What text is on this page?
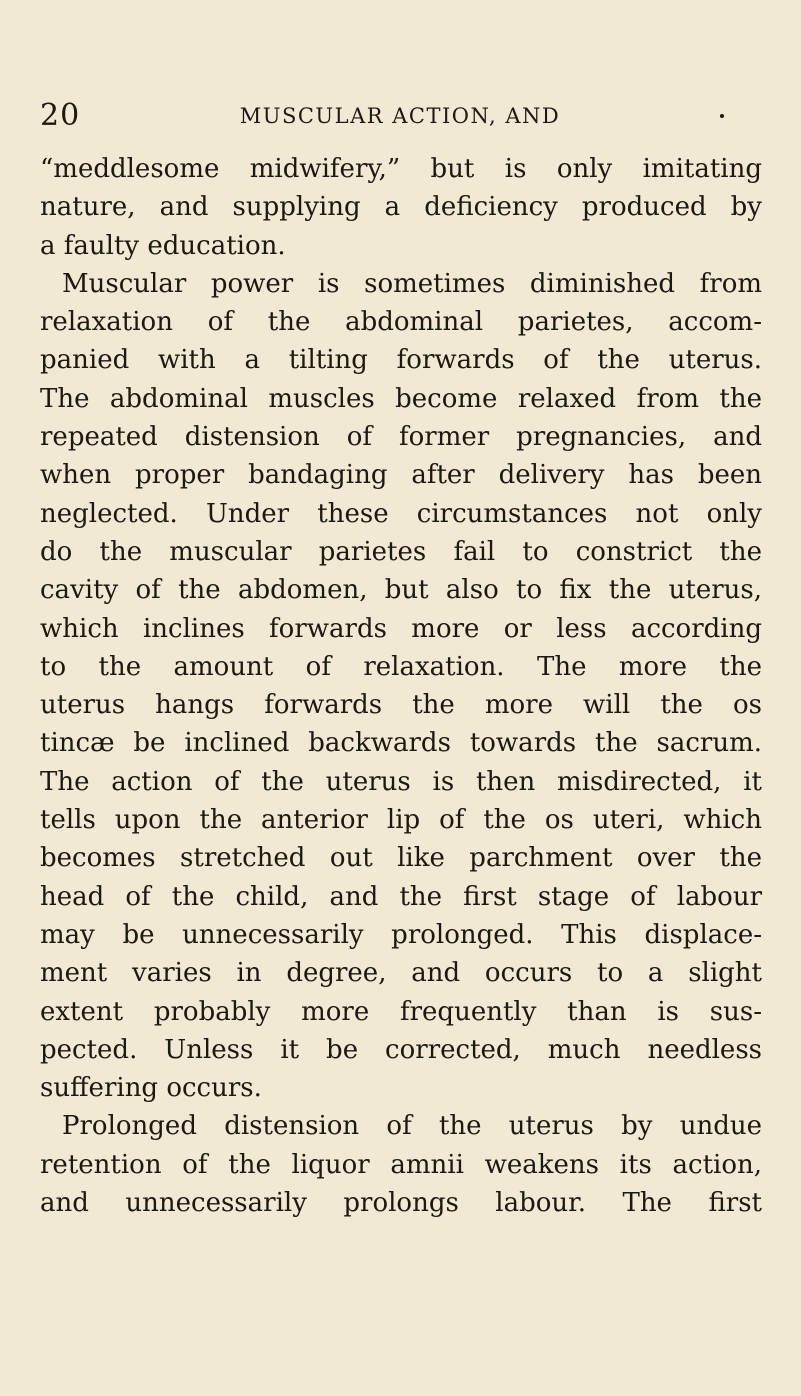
20	MUSCULAR ACTION, AND
“meddlesome midwifery,” but is only imitating
nature, and supplying a deficiency produced by
a faulty education.
Muscular power is sometimes diminished from
relaxation of the abdominal parietes, accom-
panied with a tilting forwards of the uterus.
The abdominal muscles become relaxed from the
repeated distension of former pregnancies, and
when proper bandaging after delivery has been
neglected. Under these circumstances not only
do the muscular parietes fail to constrict the
cavity of the abdomen, but also to fix the uterus,
which inclines forwards more or less according
to the amount of relaxation. The more the
uterus hangs forwards the more will the os
tincæ be inclined backwards towards the sacrum.
The action of the uterus is then misdirected, it
tells upon the anterior lip of the os uteri, which
becomes stretched out like parchment over the
head of the child, and the first stage of labour
may be unnecessarily prolonged. This displace-
ment varies in degree, and occurs to a slight
extent probably more frequently than is sus-
pected. Unless it be corrected, much needless
suffering occurs.
Prolonged distension of the uterus by undue
retention of the liquor amnii weakens its action,
and unnecessarily prolongs labour. The first
